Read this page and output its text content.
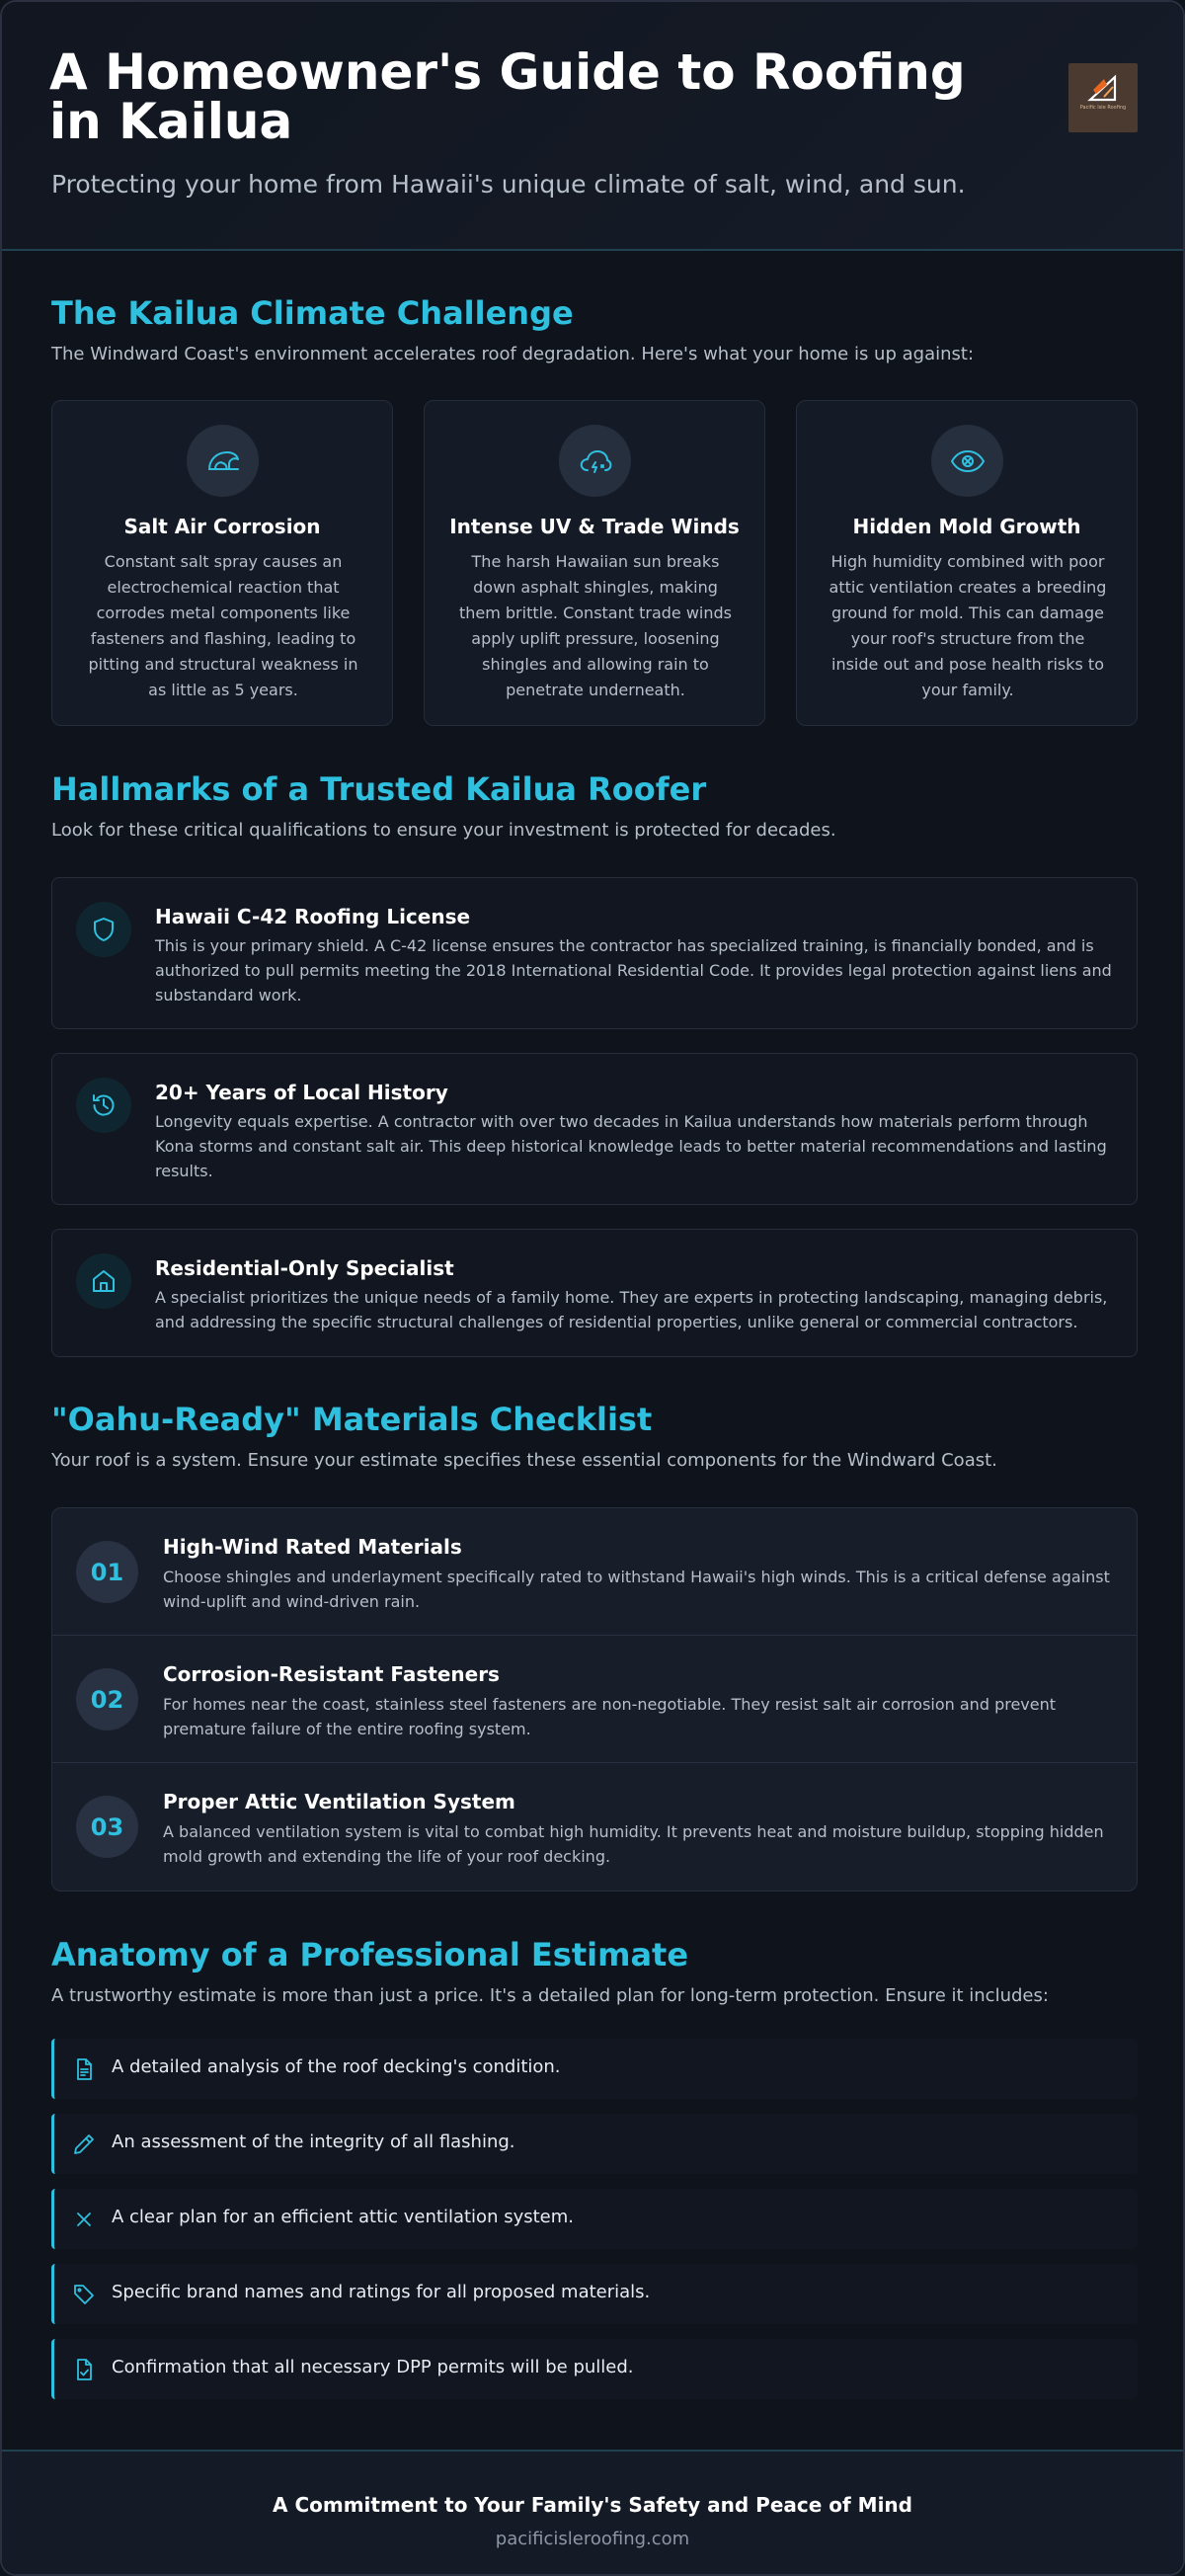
A Homeowner's Guide to Roofing in Kailua
Protecting your home from Hawaii's unique climate of salt, wind, and sun.
Pacific Isle Roofing
The Kailua Climate Challenge
The Windward Coast's environment accelerates roof degradation. Here's what your home is up against:
Salt Air Corrosion

Constant salt spray causes an electrochemical reaction that corrodes metal components like fasteners and flashing, leading to pitting and structural weakness in as little as 5 years.

Intense UV & Trade Winds

The harsh Hawaiian sun breaks down asphalt shingles, making them brittle. Constant trade winds apply uplift pressure, loosening shingles and allowing rain to penetrate underneath.

Hidden Mold Growth

High humidity combined with poor attic ventilation creates a breeding ground for mold. This can damage your roof's structure from the inside out and pose health risks to your family.

Hallmarks of a Trusted Kailua Roofer
Look for these critical qualifications to ensure your investment is protected for decades.
Hawaii C-42 Roofing License

This is your primary shield. A C-42 license ensures the contractor has specialized training, is financially bonded, and is authorized to pull permits meeting the 2018 International Residential Code. It provides legal protection against liens and substandard work.

20+ Years of Local History

Longevity equals expertise. A contractor with over two decades in Kailua understands how materials perform through Kona storms and constant salt air. This deep historical knowledge leads to better material recommendations and lasting results.

Residential-Only Specialist

A specialist prioritizes the unique needs of a family home. They are experts in protecting landscaping, managing debris, and addressing the specific structural challenges of residential properties, unlike general or commercial contractors.

"Oahu-Ready" Materials Checklist
Your roof is a system. Ensure your estimate specifies these essential components for the Windward Coast.
01
High-Wind Rated Materials

Choose shingles and underlayment specifically rated to withstand Hawaii's high winds. This is a critical defense against wind-uplift and wind-driven rain.

02
Corrosion-Resistant Fasteners

For homes near the coast, stainless steel fasteners are non-negotiable. They resist salt air corrosion and prevent premature failure of the entire roofing system.

03
Proper Attic Ventilation System

A balanced ventilation system is vital to combat high humidity. It prevents heat and moisture buildup, stopping hidden mold growth and extending the life of your roof decking.

Anatomy of a Professional Estimate
A trustworthy estimate is more than just a price. It's a detailed plan for long-term protection. Ensure it includes:
A detailed analysis of the roof decking's condition.
An assessment of the integrity of all flashing.
A clear plan for an efficient attic ventilation system.
Specific brand names and ratings for all proposed materials.
Confirmation that all necessary DPP permits will be pulled.
A Commitment to Your Family's Safety and Peace of Mind
pacificisleroofing.com
